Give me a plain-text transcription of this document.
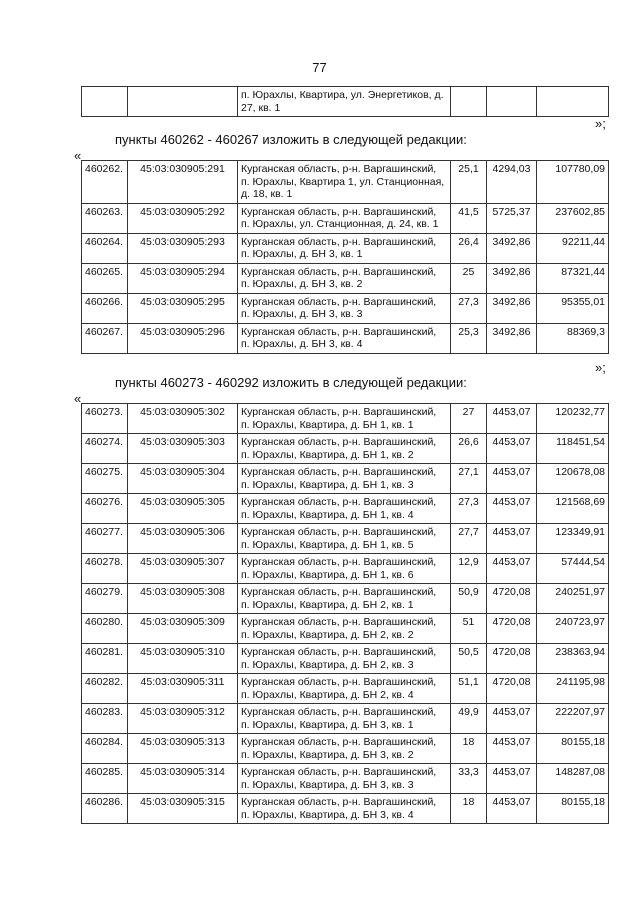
77
		п. Юрахлы, Квартира, ул. Энергетиков, д. 27, кв. 1			
»;
пункты 460262 - 460267 изложить в следующей редакции:
«
460262.	45:03:030905:291	Курганская область, р-н. Варгашинский, п. Юрахлы, Квартира 1, ул. Станционная, д. 18, кв. 1	25,1	4294,03	107780,09
460263.	45:03:030905:292	Курганская область, р-н. Варгашинский, п. Юрахлы, ул. Станционная, д. 24, кв. 1	41,5	5725,37	237602,85
460264.	45:03:030905:293	Курганская область, р-н. Варгашинский, п. Юрахлы, д. БН 3, кв. 1	26,4	3492,86	92211,44
460265.	45:03:030905:294	Курганская область, р-н. Варгашинский, п. Юрахлы, д. БН 3, кв. 2	25	3492,86	87321,44
460266.	45:03:030905:295	Курганская область, р-н. Варгашинский, п. Юрахлы, д. БН 3, кв. 3	27,3	3492,86	95355,01
460267.	45:03:030905:296	Курганская область, р-н. Варгашинский, п. Юрахлы, д. БН 3, кв. 4	25,3	3492,86	88369,3
»;
пункты 460273 - 460292 изложить в следующей редакции:
«
460273.	45:03:030905:302	Курганская область, р-н. Варгашинский, п. Юрахлы, Квартира, д. БН 1, кв. 1	27	4453,07	120232,77
460274.	45:03:030905:303	Курганская область, р-н. Варгашинский, п. Юрахлы, Квартира, д. БН 1, кв. 2	26,6	4453,07	118451,54
460275.	45:03:030905:304	Курганская область, р-н. Варгашинский, п. Юрахлы, Квартира, д. БН 1, кв. 3	27,1	4453,07	120678,08
460276.	45:03:030905:305	Курганская область, р-н. Варгашинский, п. Юрахлы, Квартира, д. БН 1, кв. 4	27,3	4453,07	121568,69
460277.	45:03:030905:306	Курганская область, р-н. Варгашинский, п. Юрахлы, Квартира, д. БН 1, кв. 5	27,7	4453,07	123349,91
460278.	45:03:030905:307	Курганская область, р-н. Варгашинский, п. Юрахлы, Квартира, д. БН 1, кв. 6	12,9	4453,07	57444,54
460279.	45:03:030905:308	Курганская область, р-н. Варгашинский, п. Юрахлы, Квартира, д. БН 2, кв. 1	50,9	4720,08	240251,97
460280.	45:03:030905:309	Курганская область, р-н. Варгашинский, п. Юрахлы, Квартира, д. БН 2, кв. 2	51	4720,08	240723,97
460281.	45:03:030905:310	Курганская область, р-н. Варгашинский, п. Юрахлы, Квартира, д. БН 2, кв. 3	50,5	4720,08	238363,94
460282.	45:03:030905:311	Курганская область, р-н. Варгашинский, п. Юрахлы, Квартира, д. БН 2, кв. 4	51,1	4720,08	241195,98
460283.	45:03:030905:312	Курганская область, р-н. Варгашинский, п. Юрахлы, Квартира, д. БН 3, кв. 1	49,9	4453,07	222207,97
460284.	45:03:030905:313	Курганская область, р-н. Варгашинский, п. Юрахлы, Квартира, д. БН 3, кв. 2	18	4453,07	80155,18
460285.	45:03:030905:314	Курганская область, р-н. Варгашинский, п. Юрахлы, Квартира, д. БН 3, кв. 3	33,3	4453,07	148287,08
460286.	45:03:030905:315	Курганская область, р-н. Варгашинский, п. Юрахлы, Квартира, д. БН 3, кв. 4	18	4453,07	80155,18
